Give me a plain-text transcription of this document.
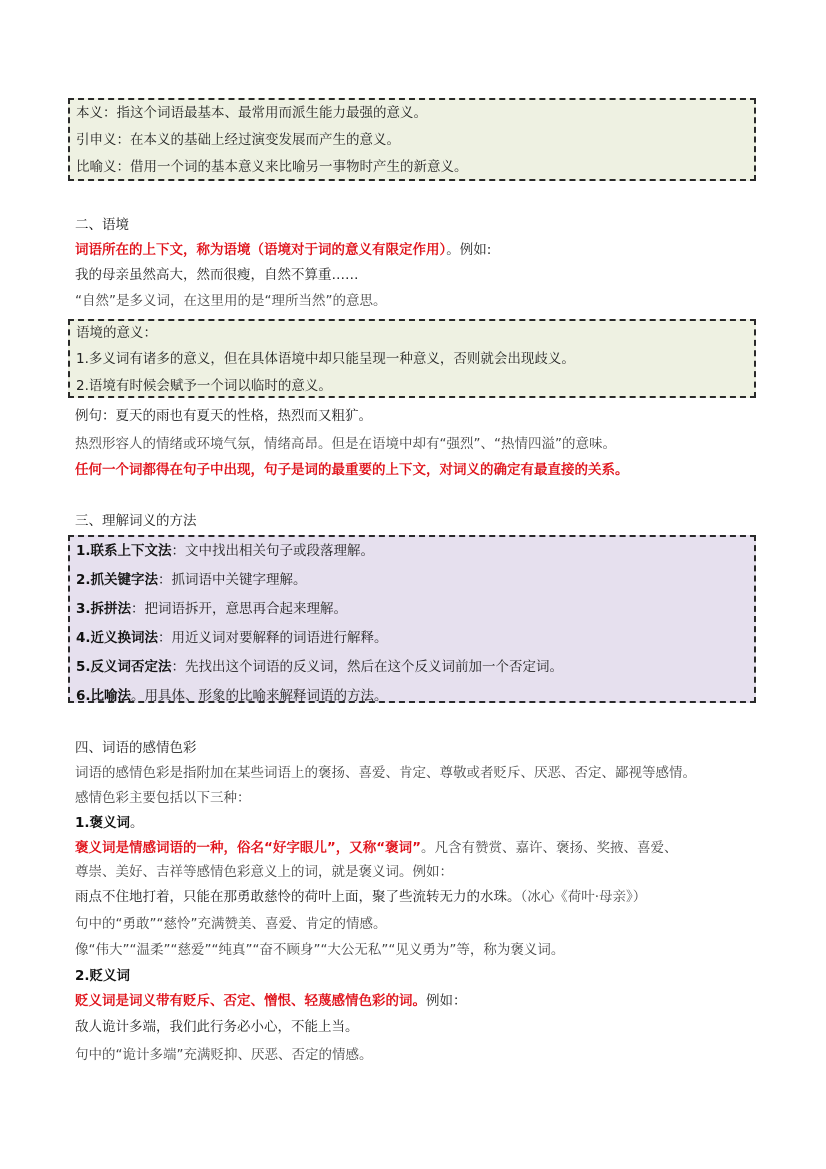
本义：指这个词语最基本、最常用而派生能力最强的意义。
引申义：在本义的基础上经过演变发展而产生的意义。
比喻义：借用一个词的基本意义来比喻另一事物时产生的新意义。
二、语境
词语所在的上下文，称为语境（语境对于词的意义有限定作用）。例如:
我的母亲虽然高大，然而很瘦，自然不算重……
“自然”是多义词，在这里用的是“理所当然”的意思。
语境的意义：
1.多义词有诸多的意义，但在具体语境中却只能呈现一种意义，否则就会出现歧义。
2.语境有时候会赋予一个词以临时的意义。
例句：夏天的雨也有夏天的性格，热烈而又粗犷。
热烈形容人的情绪或环境气氛，情绪高昂。但是在语境中却有“强烈”、“热情四溢”的意味。
任何一个词都得在句子中出现，句子是词的最重要的上下文，对词义的确定有最直接的关系。
三、理解词义的方法
1.联系上下文法：文中找出相关句子或段落理解。
2.抓关键字法：抓词语中关键字理解。
3.拆拼法：把词语拆开，意思再合起来理解。
4.近义换词法：用近义词对要解释的词语进行解释。
5.反义词否定法：先找出这个词语的反义词，然后在这个反义词前加一个否定词。
6.比喻法。用具体、形象的比喻来解释词语的方法。
四、词语的感情色彩
词语的感情色彩是指附加在某些词语上的褒扬、喜爱、肯定、尊敬或者贬斥、厌恶、否定、鄙视等感情。
感情色彩主要包括以下三种：
1.褒义词。
褒义词是情感词语的一种，俗名“好字眼儿”，又称“褒词”。凡含有赞赏、嘉许、褒扬、奖掖、喜爱、
尊崇、美好、吉祥等感情色彩意义上的词，就是褒义词。例如：
雨点不住地打着，只能在那勇敢慈怜的荷叶上面，聚了些流转无力的水珠。（冰心《荷叶·母亲》）
句中的“勇敢”“慈怜”充满赞美、喜爱、肯定的情感。
像“伟大”“温柔”“慈爱”“纯真”“奋不顾身”“大公无私”“见义勇为”等，称为褒义词。
2.贬义词
贬义词是词义带有贬斥、否定、憎恨、轻蔑感情色彩的词。例如：
敌人诡计多端，我们此行务必小心，不能上当。
句中的“诡计多端”充满贬抑、厌恶、否定的情感。
